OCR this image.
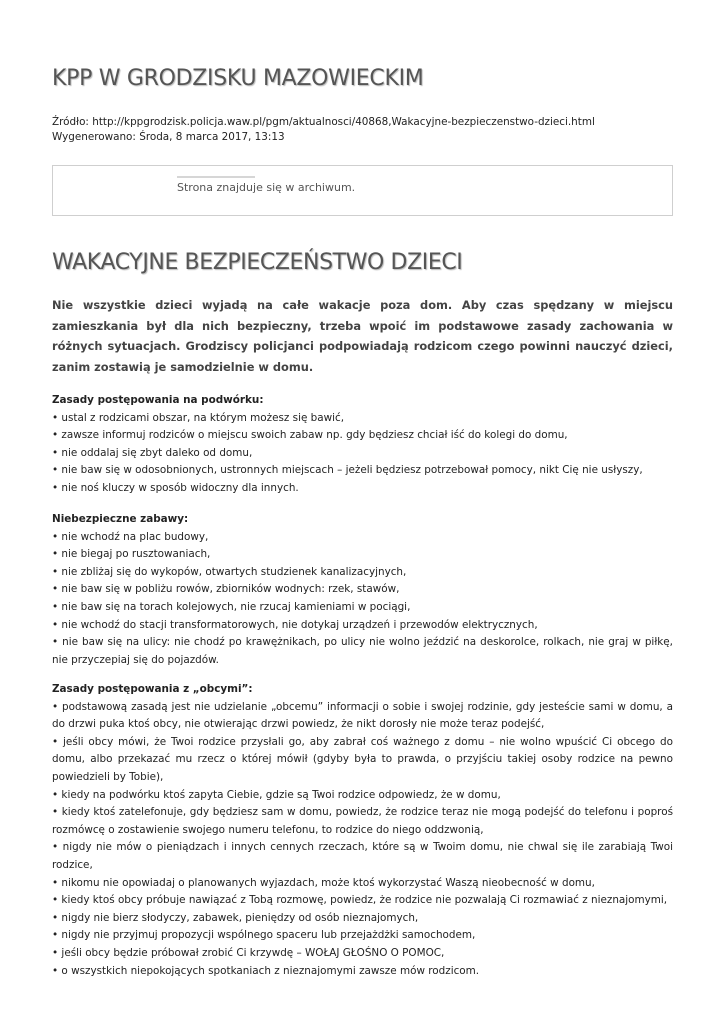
KPP W GRODZISKU MAZOWIECKIM
Źródło: http://kppgrodzisk.policja.waw.pl/pgm/aktualnosci/40868,Wakacyjne-bezpieczenstwo-dzieci.html
Wygenerowano: Środa, 8 marca 2017, 13:13
Strona znajduje się w archiwum.
WAKACYJNE BEZPIECZEŃSTWO DZIECI

Nie wszystkie dzieci wyjadą na całe wakacje poza dom. Aby czas spędzany w miejscu zamieszkania był dla nich bezpieczny, trzeba wpoić im podstawowe zasady zachowania w różnych sytuacjach. Grodziscy policjanci podpowiadają rodzicom czego powinni nauczyć dzieci, zanim zostawią je samodzielnie w domu.

Zasady postępowania na podwórku:
• ustal z rodzicami obszar, na którym możesz się bawić,
• zawsze informuj rodziców o miejscu swoich zabaw np. gdy będziesz chciał iść do kolegi do domu,
• nie oddalaj się zbyt daleko od domu,
• nie baw się w odosobnionych, ustronnych miejscach – jeżeli będziesz potrzebował pomocy, nikt Cię nie usłyszy,
• nie noś kluczy w sposób widoczny dla innych.
Niebezpieczne zabawy:
• nie wchodź na plac budowy,
• nie biegaj po rusztowaniach,
• nie zbliżaj się do wykopów, otwartych studzienek kanalizacyjnych,
• nie baw się w pobliżu rowów, zbiorników wodnych: rzek, stawów,
• nie baw się na torach kolejowych, nie rzucaj kamieniami w pociągi,
• nie wchodź do stacji transformatorowych, nie dotykaj urządzeń i przewodów elektrycznych,
• nie baw się na ulicy: nie chodź po krawężnikach, po ulicy nie wolno jeździć na deskorolce, rolkach, nie graj w piłkę, nie przyczepiaj się do pojazdów.
Zasady postępowania z „obcymi”:
• podstawową zasadą jest nie udzielanie „obcemu” informacji o sobie i swojej rodzinie, gdy jesteście sami w domu, a do drzwi puka ktoś obcy, nie otwierając drzwi powiedz, że nikt dorosły nie może teraz podejść,
• jeśli obcy mówi, że Twoi rodzice przysłali go, aby zabrał coś ważnego z domu – nie wolno wpuścić Ci obcego do domu, albo przekazać mu rzecz o której mówił (gdyby była to prawda, o przyjściu takiej osoby rodzice na pewno powiedzieli by Tobie),
• kiedy na podwórku ktoś zapyta Ciebie, gdzie są Twoi rodzice odpowiedz, że w domu,
• kiedy ktoś zatelefonuje, gdy będziesz sam w domu, powiedz, że rodzice teraz nie mogą podejść do telefonu i poproś rozmówcę o zostawienie swojego numeru telefonu, to rodzice do niego oddzwonią,
• nigdy nie mów o pieniądzach i innych cennych rzeczach, które są w Twoim domu, nie chwal się ile zarabiają Twoi rodzice,
• nikomu nie opowiadaj o planowanych wyjazdach, może ktoś wykorzystać Waszą nieobecność w domu,
• kiedy ktoś obcy próbuje nawiązać z Tobą rozmowę, powiedz, że rodzice nie pozwalają Ci rozmawiać z nieznajomymi,
• nigdy nie bierz słodyczy, zabawek, pieniędzy od osób nieznajomych,
• nigdy nie przyjmuj propozycji wspólnego spaceru lub przejażdżki samochodem,
• jeśli obcy będzie próbował zrobić Ci krzywdę – WOŁAJ GŁOŚNO O POMOC,
• o wszystkich niepokojących spotkaniach z nieznajomymi zawsze mów rodzicom.
